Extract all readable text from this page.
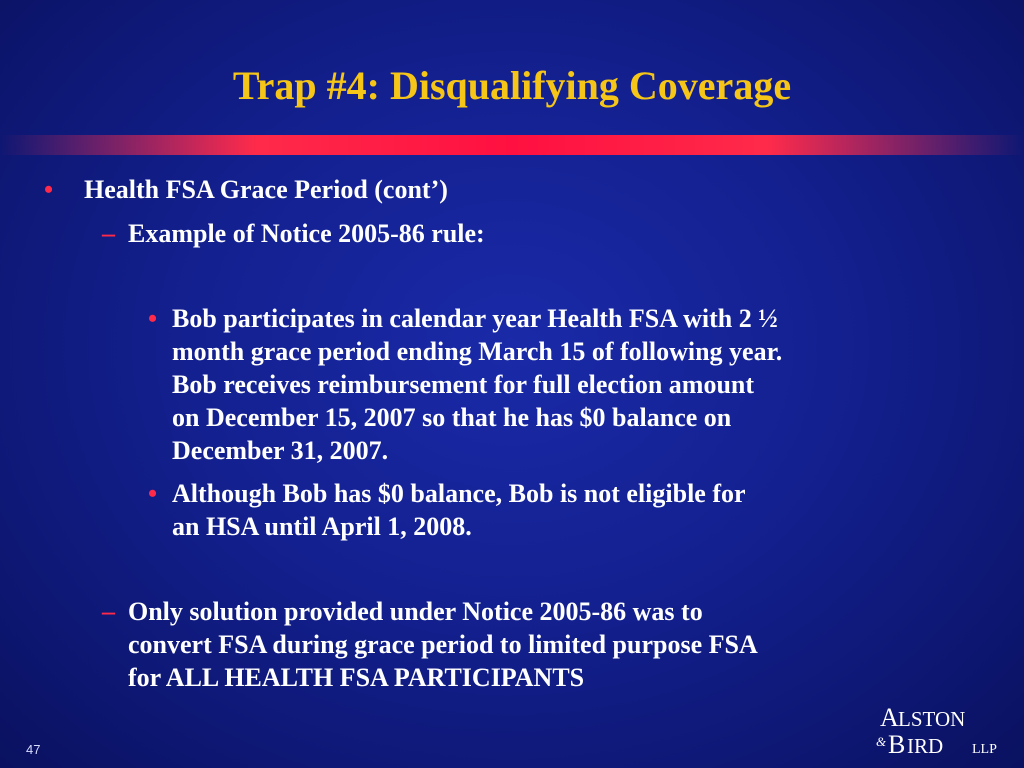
Trap #4: Disqualifying Coverage
• Health FSA Grace Period (cont’)

– Example of Notice 2005-86 rule:

• Bob participates in calendar year Health FSA with 2 ½

month grace period ending March 15 of following year.

Bob receives reimbursement for full election amount

on December 15, 2007 so that he has $0 balance on

December 31, 2007.

• Although Bob has $0 balance, Bob is not eligible for

an HSA until April 1, 2008.

– Only solution provided under Notice 2005-86 was to

convert FSA during grace period to limited purpose FSA

for ALL HEALTH FSA PARTICIPANTS

47
A LSTON
& B IRD LLP
